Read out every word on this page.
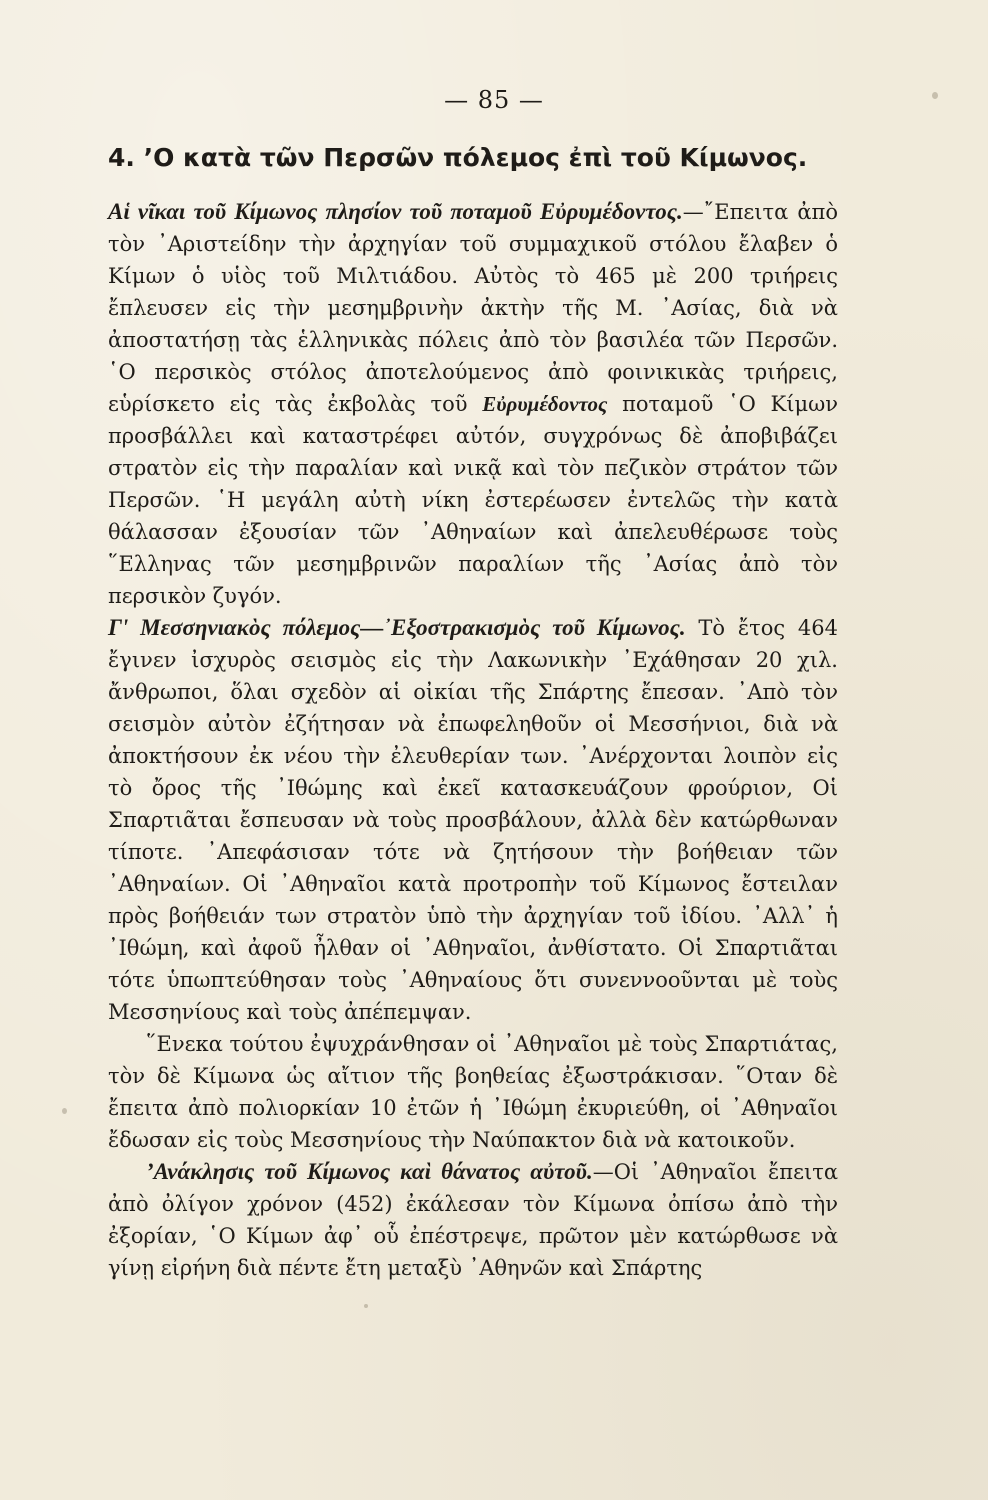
— 85 —
4. ’Ο κατὰ τῶν Περσῶν πόλεμος ἐπὶ τοῦ Κίμωνος.

Αἱ νῖκαι τοῦ Κίμωνος πλησίον τοῦ ποταμοῦ Εὐρυμέδοντος.—῎Επειτα ἀπὸ τὸν ᾿Αριστείδην τὴν ἀρχηγίαν τοῦ συμμαχικοῦ στόλου ἔλαβεν ὁ Κίμων ὁ υἱὸς τοῦ Μιλτιάδου. Αὐτὸς τὸ 465 μὲ 200 τριήρεις ἔπλευσεν εἰς τὴν μεσημβρινὴν ἀκτὴν τῆς Μ. ᾿Ασίας, διὰ νὰ ἀποστατήσῃ τὰς ἑλληνικὰς πόλεις ἀπὸ τὸν βασιλέα τῶν Περσῶν. ῾Ο περσικὸς στόλος ἀποτελούμενος ἀπὸ φοινικικὰς τριήρεις, εὑρίσκετο εἰς τὰς ἐκβολὰς τοῦ Εὐρυμέδοντος ποταμοῦ ῾Ο Κίμων προσβάλλει καὶ καταστρέφει αὐτόν, συγχρόνως δὲ ἀποβιβάζει στρατὸν εἰς τὴν παραλίαν καὶ νικᾷ καὶ τὸν πεζικὸν στράτον τῶν Περσῶν. ῾Η μεγάλη αὐτὴ νίκη ἐστερέωσεν ἐντελῶς τὴν κατὰ θάλασσαν ἐξουσίαν τῶν ᾿Αθηναίων καὶ ἀπελευθέρωσε τοὺς ῞Ελληνας τῶν μεσημβρινῶν παραλίων τῆς ᾿Ασίας ἀπὸ τὸν περσικὸν ζυγόν.

Γ' Μεσσηνιακὸς πόλεμος—᾿Εξοστρακισμὸς τοῦ Κίμωνος. Τὸ ἔτος 464 ἔγινεν ἰσχυρὸς σεισμὸς εἰς τὴν Λακωνικὴν ᾿Εχάθησαν 20 χιλ. ἄνθρωποι, ὅλαι σχεδὸν αἱ οἰκίαι τῆς Σπάρτης ἔπεσαν. ᾿Απὸ τὸν σεισμὸν αὐτὸν ἐζήτησαν νὰ ἐπωφεληθοῦν οἱ Μεσσήνιοι, διὰ νὰ ἀποκτήσουν ἐκ νέου τὴν ἐλευθερίαν των. ᾿Ανέρχονται λοιπὸν εἰς τὸ ὄρος τῆς ᾿Ιθώμης καὶ ἐκεῖ κατασκευάζουν φρούριον, Οἱ Σπαρτιᾶται ἔσπευσαν νὰ τοὺς προσβάλουν, ἀλλὰ δὲν κατώρθωναν τίποτε. ᾿Απεφάσισαν τότε νὰ ζητήσουν τὴν βοήθειαν τῶν ᾿Αθηναίων. Οἱ ᾿Αθηναῖοι κατὰ προτροπὴν τοῦ Κίμωνος ἔστειλαν πρὸς βοήθειάν των στρατὸν ὑπὸ τὴν ἀρχηγίαν τοῦ ἰδίου. ᾿Αλλ᾿ ἡ ᾿Ιθώμη, καὶ ἀφοῦ ἦλθαν οἱ ᾿Αθηναῖοι, ἀνθίστατο. Οἱ Σπαρτιᾶται τότε ὑπωπτεύθησαν τοὺς ᾿Αθηναίους ὅτι συνεννοοῦνται μὲ τοὺς Μεσσηνίους καὶ τοὺς ἀπέπεμψαν.

῞Ενεκα τούτου ἐψυχράνθησαν οἱ ᾿Αθηναῖοι μὲ τοὺς Σπαρτιάτας, τὸν δὲ Κίμωνα ὡς αἴτιον τῆς βοηθείας ἐξωστράκισαν. ῞Οταν δὲ ἔπειτα ἀπὸ πολιορκίαν 10 ἐτῶν ἡ ᾿Ιθώμη ἐκυριεύθη, οἱ ᾿Αθηναῖοι ἔδωσαν εἰς τοὺς Μεσσηνίους τὴν Ναύπακτον διὰ νὰ κατοικοῦν.

’Ανάκλησις τοῦ Κίμωνος καὶ θάνατος αὐτοῦ.—Οἱ ᾿Αθηναῖοι ἔπειτα ἀπὸ ὀλίγον χρόνον (452) ἐκάλεσαν τὸν Κίμωνα ὀπίσω ἀπὸ τὴν ἐξορίαν, ῾Ο Κίμων ἀφ᾿ οὗ ἐπέστρεψε, πρῶτον μὲν κατώρθωσε νὰ γίνῃ εἰρήνη διὰ πέντε ἔτη μεταξὺ ᾿Αθηνῶν καὶ Σπάρτης
